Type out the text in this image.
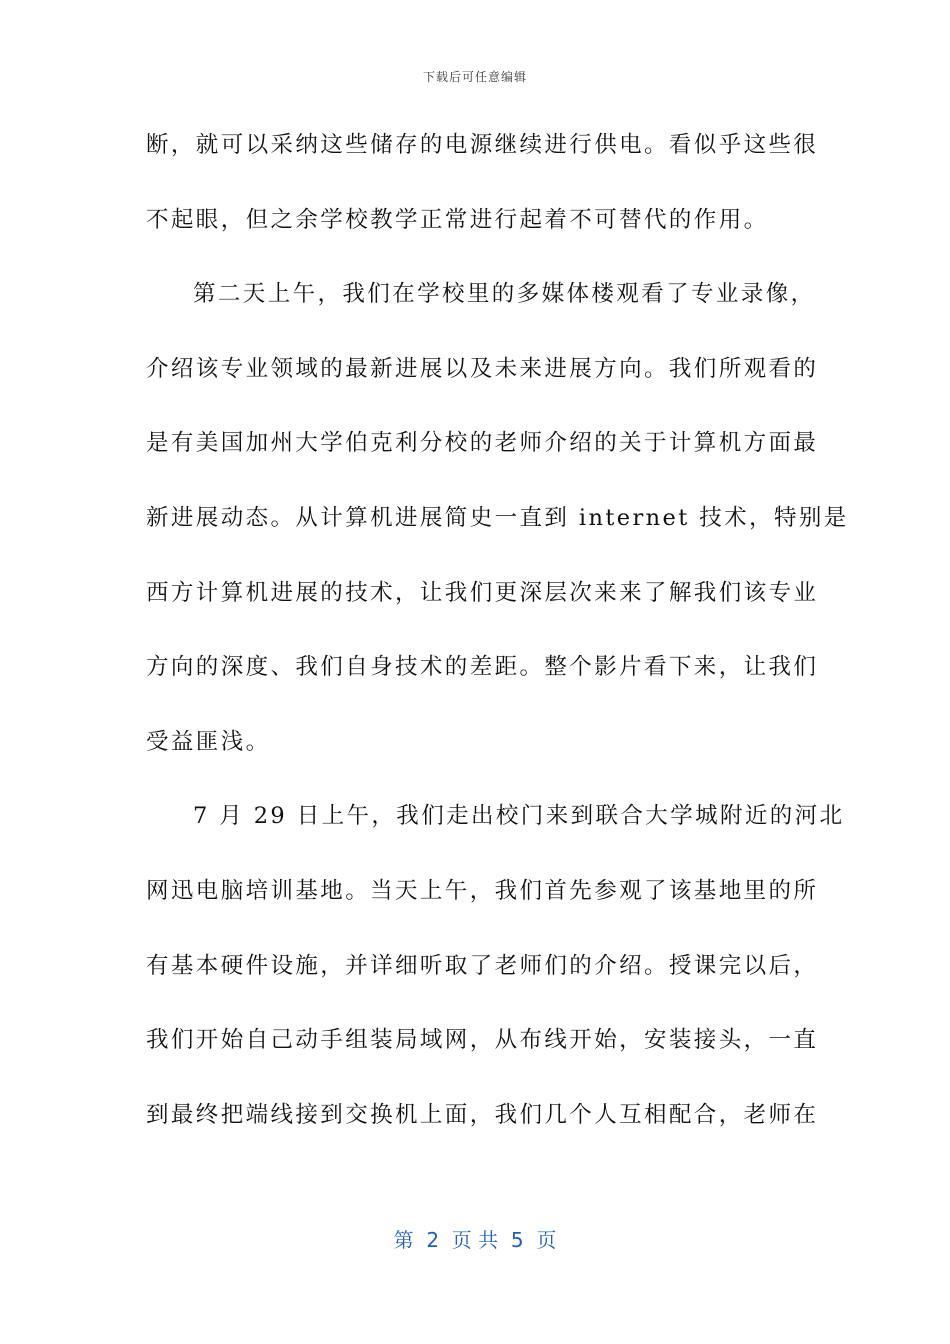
下载后可任意编辑
断，就可以采纳这些储存的电源继续进行供电。看似乎这些很
不起眼，但之余学校教学正常进行起着不可替代的作用。
第二天上午，我们在学校里的多媒体楼观看了专业录像，
介绍该专业领域的最新进展以及未来进展方向。我们所观看的
是有美国加州大学伯克利分校的老师介绍的关于计算机方面最
新进展动态。从计算机进展简史一直到 internet 技术，特别是
西方计算机进展的技术，让我们更深层次来来了解我们该专业
方向的深度、我们自身技术的差距。整个影片看下来，让我们
受益匪浅。
7 月 29 日上午，我们走出校门来到联合大学城附近的河北
网迅电脑培训基地。当天上午，我们首先参观了该基地里的所
有基本硬件设施，并详细听取了老师们的介绍。授课完以后，
我们开始自己动手组装局域网，从布线开始，安装接头，一直
到最终把端线接到交换机上面，我们几个人互相配合，老师在
第  2  页 共  5  页
